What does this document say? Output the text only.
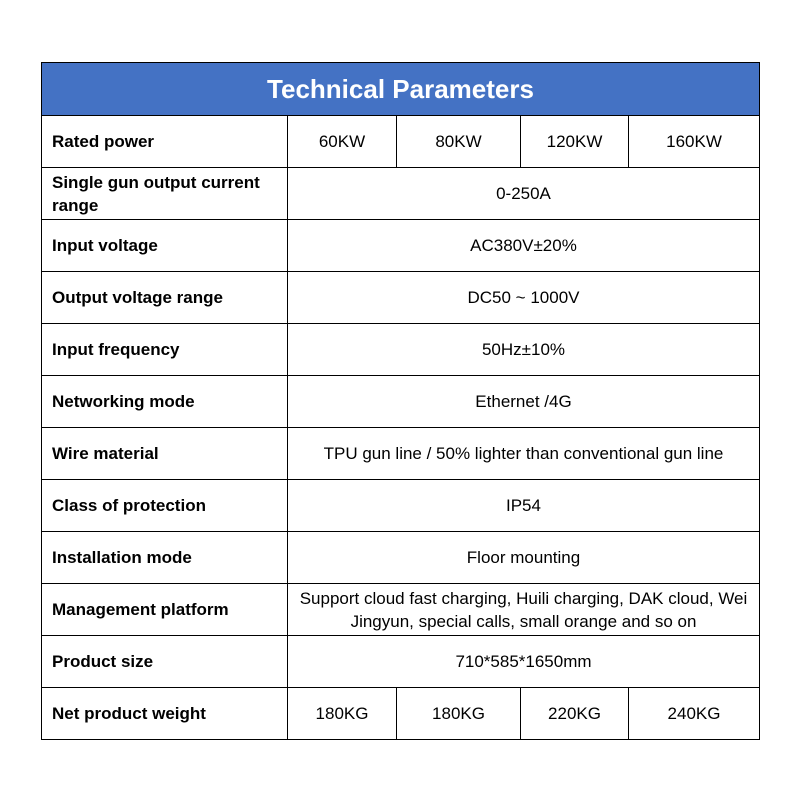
Technical Parameters				
Rated power	60KW	80KW	120KW	160KW
Single gun output current range	0-250A			
Input voltage	AC380V±20%			
Output voltage range	DC50 ~ 1000V			
Input frequency	50Hz±10%			
Networking mode	Ethernet /4G			
Wire material	TPU gun line / 50% lighter than conventional gun line			
Class of protection	IP54			
Installation mode	Floor mounting			
Management platform	Support cloud fast charging, Huili charging, DAK cloud, Wei Jingyun, special calls, small orange and so on			
Product size	710*585*1650mm			
Net product weight	180KG	180KG	220KG	240KG
